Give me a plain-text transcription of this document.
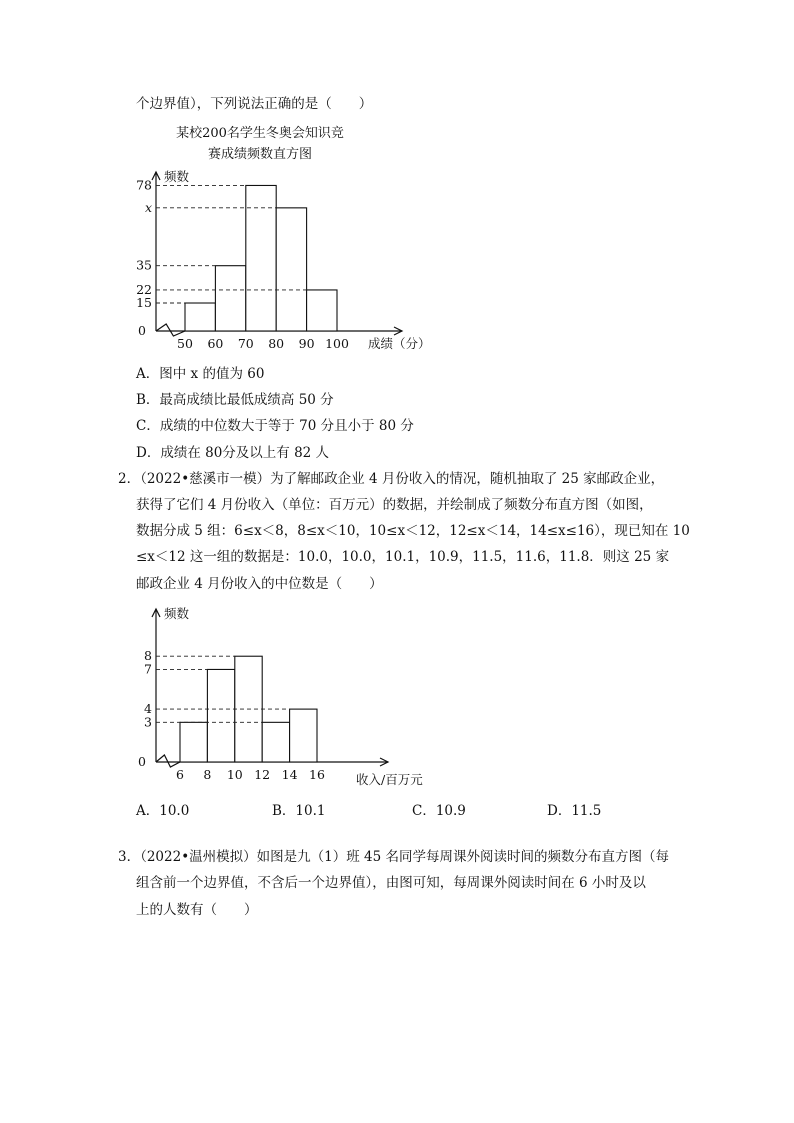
个边界值），下列说法正确的是（　　）
某校200名学生冬奥会知识竞
赛成绩频数直方图
15
22
35
x
78
0
50 60 70 80 90 100
频数
成绩（分）
A．图中 x 的值为 60
B．最高成绩比最低成绩高 50 分
C．成绩的中位数大于等于 70 分且小于 80 分
D．成绩在 80分及以上有 82 人
2．（2022•慈溪市一模）为了解邮政企业 4 月份收入的情况，随机抽取了 25 家邮政企业，
获得了它们 4 月份收入（单位：百万元）的数据，并绘制成了频数分布直方图（如图，
数据分成 5 组：6≤x＜8，8≤x＜10，10≤x＜12，12≤x＜14，14≤x≤16），现已知在 10
≤x＜12 这一组的数据是：10.0，10.0，10.1，10.9，11.5，11.6，11.8．则这 25 家
邮政企业 4 月份收入的中位数是（　　）
3
4
7
8
0
6 8 10 12 14 16
频数
收入/百万元
A．10.0	B．10.1	C．10.9	D．11.5
3．（2022•温州模拟）如图是九（1）班 45 名同学每周课外阅读时间的频数分布直方图（每
组含前一个边界值，不含后一个边界值），由图可知，每周课外阅读时间在 6 小时及以
上的人数有（　　）
